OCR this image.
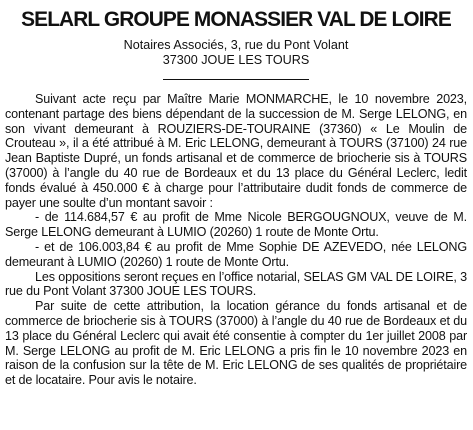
SELARL GROUPE MONASSIER VAL DE LOIRE

Notaires Associés, 3, rue du Pont Volant

37300 JOUE LES TOURS

Suivant acte reçu par Maître Marie MONMARCHE, le 10 novembre 2023, contenant partage des biens dépendant de la succession de M. Serge LELONG, en son vivant demeurant à ROUZIERS-DE-TOURAINE (37360) « Le Moulin de Crouteau », il a été attribué à M. Eric LELONG, demeurant à TOURS (37100) 24 rue Jean Baptiste Dupré, un fonds artisanal et de commerce de briocherie sis à TOURS (37000) à l’angle du 40 rue de Bordeaux et du 13 place du Général Leclerc, ledit fonds évalué à 450.000 € à charge pour l’attributaire dudit fonds de commerce de payer une soulte d’un montant savoir :

- de 114.684,57 € au profit de Mme Nicole BERGOUGNOUX, veuve de M. Serge LELONG demeurant à LUMIO (20260) 1 route de Monte Ortu.

- et de 106.003,84 € au profit de Mme Sophie DE AZEVEDO, née LELONG demeurant à LUMIO (20260) 1 route de Monte Ortu.

Les oppositions seront reçues en l’office notarial, SELAS GM VAL DE LOIRE, 3 rue du Pont Volant 37300 JOUE LES TOURS.

Par suite de cette attribution, la location gérance du fonds artisanal et de commerce de briocherie sis à TOURS (37000) à l’angle du 40 rue de Bordeaux et du 13 place du Général Leclerc qui avait été consentie à compter du 1er juillet 2008 par M. Serge LELONG au profit de M. Eric LELONG a pris fin le 10 novembre 2023 en raison de la confusion sur la tête de M. Eric LELONG de ses qualités de propriétaire et de locataire. Pour avis le notaire.
